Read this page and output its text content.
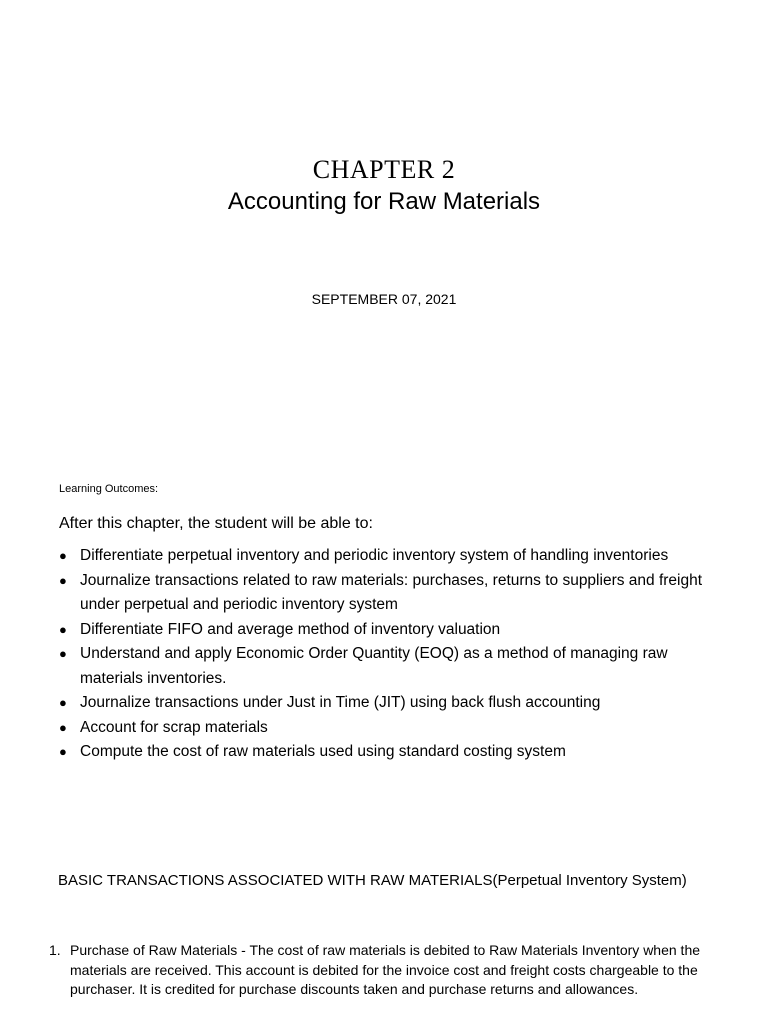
CHAPTER 2
Accounting for Raw Materials
SEPTEMBER 07, 2021
Learning Outcomes:
After this chapter, the student will be able to:
● Differentiate perpetual inventory and periodic inventory system of handling inventories
● Journalize transactions related to raw materials: purchases, returns to suppliers and freight under perpetual and periodic inventory system
● Differentiate FIFO and average method of inventory valuation
● Understand and apply Economic Order Quantity (EOQ) as a method of managing raw materials inventories.
● Journalize transactions under Just in Time (JIT) using back flush accounting
● Account for scrap materials
● Compute the cost of raw materials used using standard costing system
BASIC TRANSACTIONS ASSOCIATED WITH RAW MATERIALS(Perpetual Inventory System)
1. Purchase of Raw Materials - The cost of raw materials is debited to Raw Materials Inventory when the materials are received. This account is debited for the invoice cost and freight costs chargeable to the purchaser. It is credited for purchase discounts taken and purchase returns and allowances.
